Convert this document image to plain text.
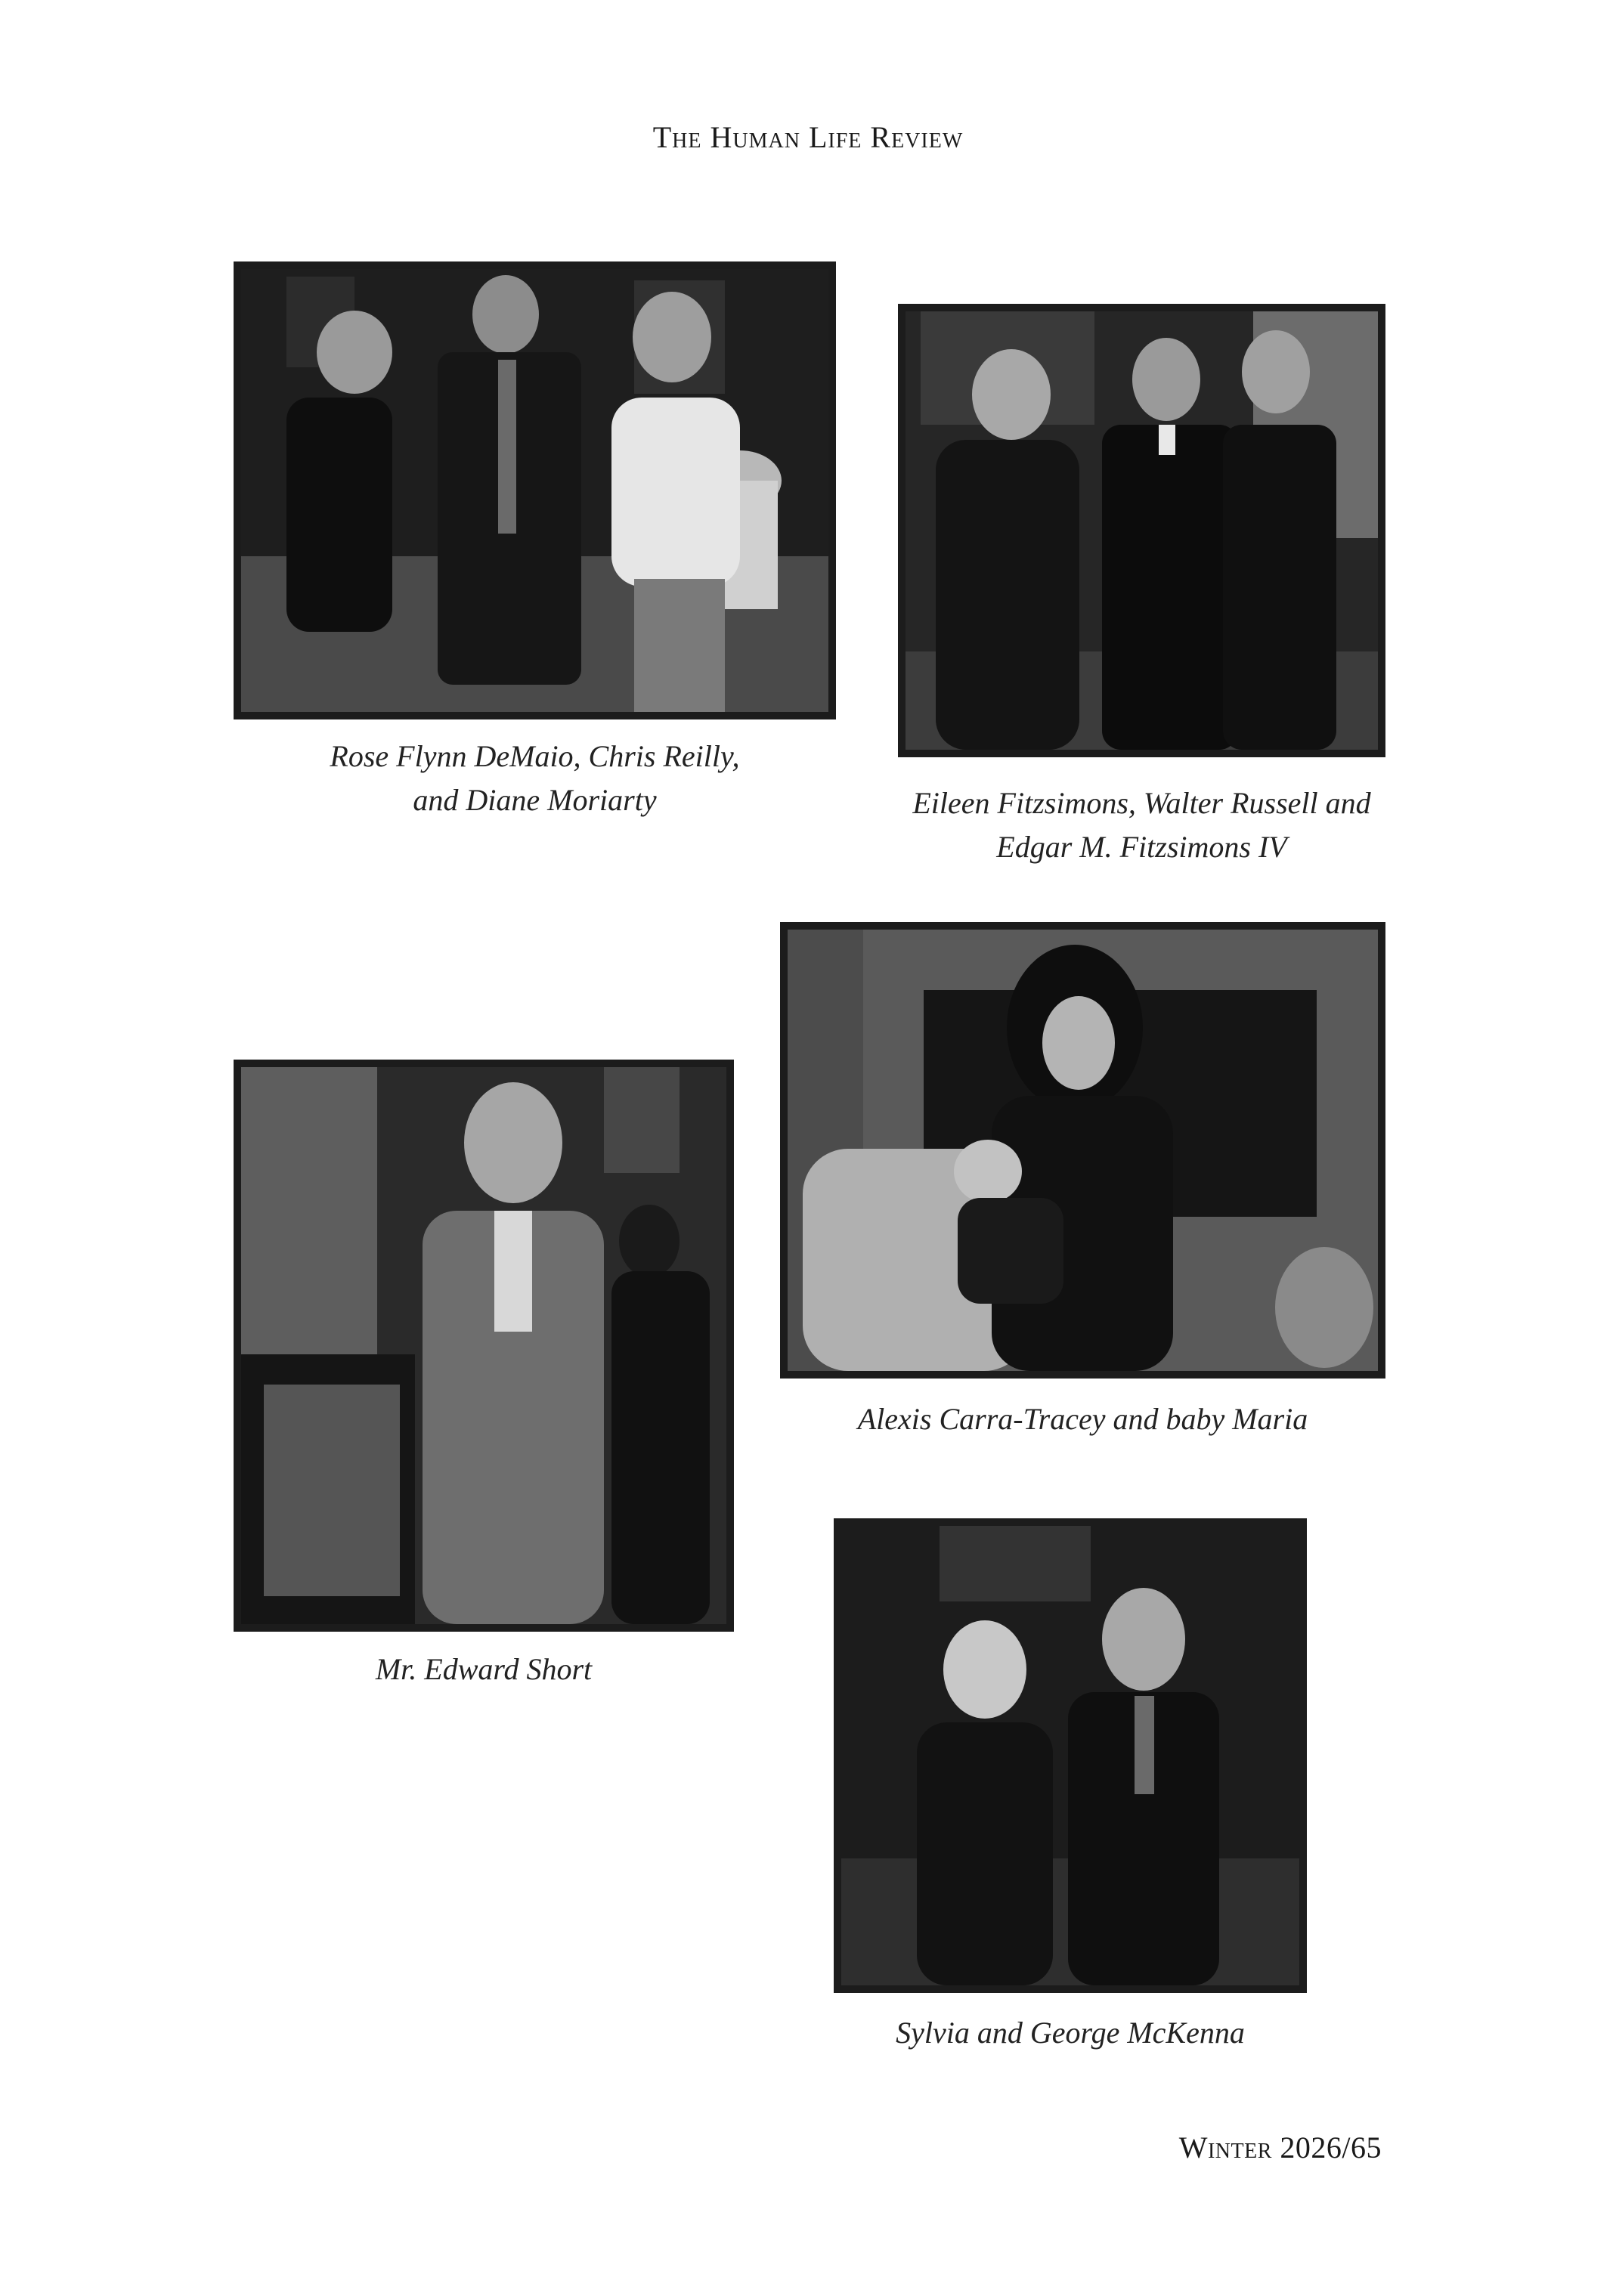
The Human Life Review
Rose Flynn DeMaio, Chris Reilly,
and Diane Moriarty	Eileen Fitzsimons, Walter Russell and
Edgar M. Fitzsimons IV
Alexis Carra-Tracey and baby Maria
Mr. Edward Short
Sylvia and George McKenna
Winter 2026/65
